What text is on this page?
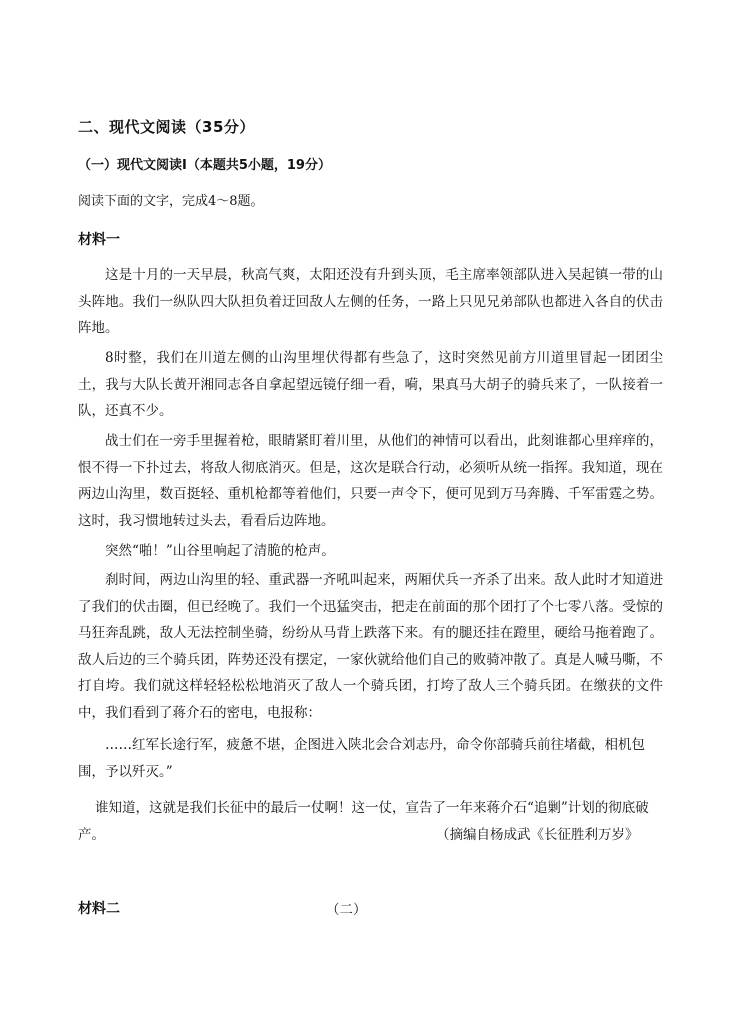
二、现代文阅读（35分）
（一）现代文阅读Ⅰ（本题共5小题，19分）
阅读下面的文字，完成4～8题。
材料一

这是十月的一天早晨，秋高气爽，太阳还没有升到头顶，毛主席率领部队进入吴起镇一带的山头阵地。我们一纵队四大队担负着迂回敌人左侧的任务，一路上只见兄弟部队也都进入各自的伏击阵地。

8时整，我们在川道左侧的山沟里埋伏得都有些急了，这时突然见前方川道里冒起一团团尘土，我与大队长黄开湘同志各自拿起望远镜仔细一看，嗬，果真马大胡子的骑兵来了，一队接着一队，还真不少。

战士们在一旁手里握着枪，眼睛紧盯着川里，从他们的神情可以看出，此刻谁都心里痒痒的，恨不得一下扑过去，将敌人彻底消灭。但是，这次是联合行动，必须听从统一指挥。我知道，现在两边山沟里，数百挺轻、重机枪都等着他们，只要一声令下，便可见到万马奔腾、千军雷霆之势。这时，我习惯地转过头去，看看后边阵地。

突然“啪！”山谷里响起了清脆的枪声。

刹时间，两边山沟里的轻、重武器一齐吼叫起来，两厢伏兵一齐杀了出来。敌人此时才知道进了我们的伏击圈，但已经晚了。我们一个迅猛突击，把走在前面的那个团打了个七零八落。受惊的马狂奔乱跳，敌人无法控制坐骑，纷纷从马背上跌落下来。有的腿还挂在蹬里，硬给马拖着跑了。敌人后边的三个骑兵团，阵势还没有摆定，一家伙就给他们自己的败骑冲散了。真是人喊马嘶，不打自垮。我们就这样轻轻松松地消灭了敌人一个骑兵团，打垮了敌人三个骑兵团。在缴获的文件中，我们看到了蒋介石的密电，电报称：

……红军长途行军，疲惫不堪，企图进入陕北会合刘志丹，命令你部骑兵前往堵截，相机包围，予以歼灭。”

谁知道，这就是我们长征中的最后一仗啊！这一仗，宣告了一年来蒋介石“追剿”计划的彻底破产。	（摘编自杨成武《长征胜利万岁》
材料二	（二）
